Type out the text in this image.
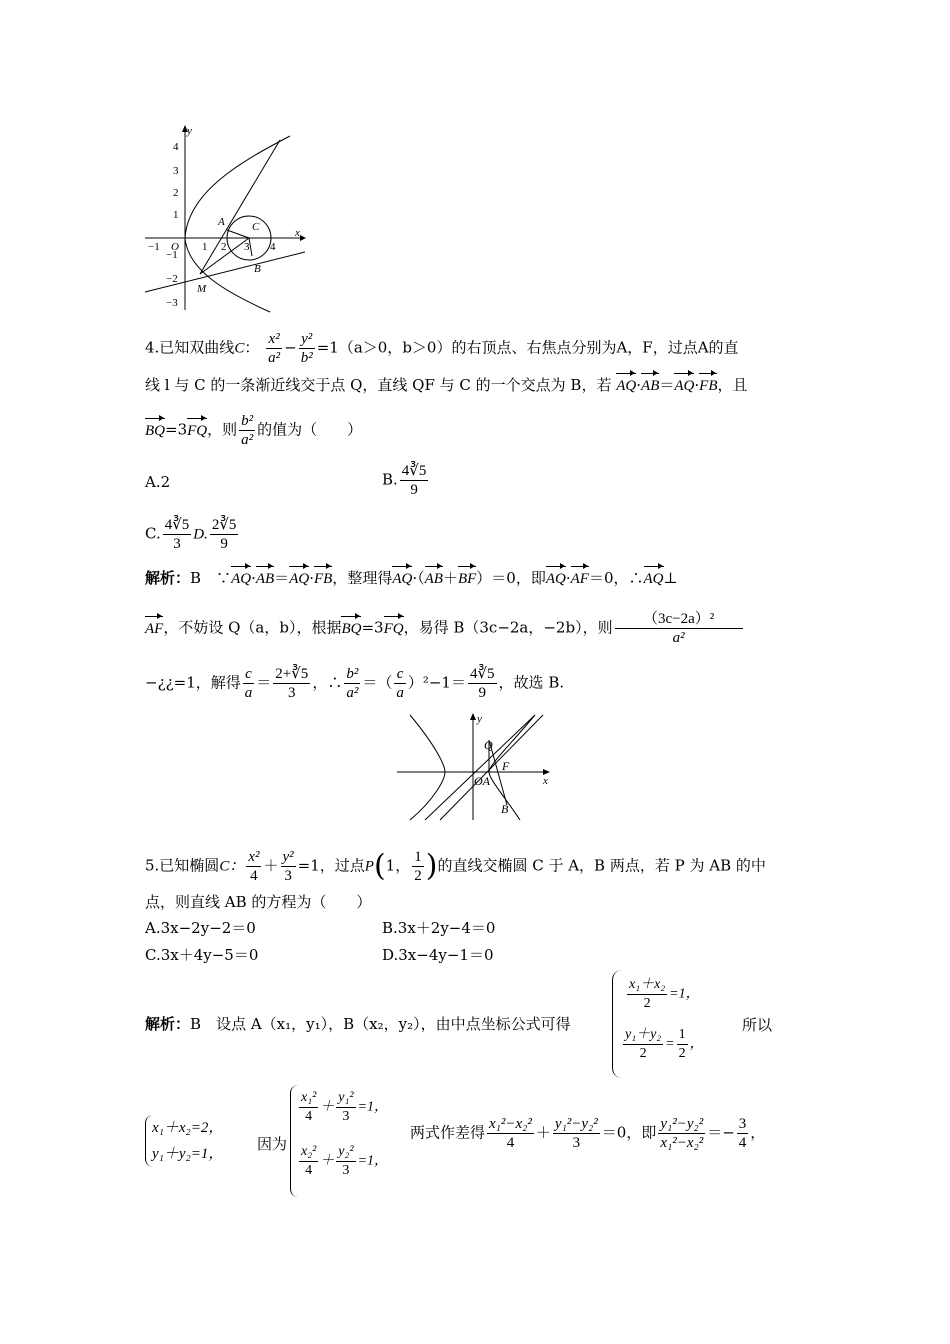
y
x
4
3
2
1
−1
−2
−3
−1 O 1 2 3 4
A C
B
M
4.已知双曲线C： $\frac{\text{x²}}{\text{a²}} - \frac{\text{y²}}{\text{b²}} =1(a>0$，b＞0）的右顶点、右焦点分别为A，F，过点A的直
线 l 与 C 的一条渐近线交于点 Q，直线 QF 与 C 的一个交点为 B，若 AQ·AB＝AQ·FB，且
BQ=3FQ，则 $\frac{\text{b²}}{\text{a²}}$ 的值为（　　）
A.2	B. $\frac{4∛5}{9}$
C. $\frac{4∛5}{3} D$. $\frac{2∛5}{9}$
解析：B　∵AQ·AB＝AQ·FB，整理得AQ·（AB＋BF）＝0，即AQ·AF＝0，∴AQ⊥
AF，不妨设 Q（a，b），根据BQ=3FQ，易得 B（3c−2a，−2b），则 $\frac{\text{（3c−2a）²}}{\text{a²}}$
−¿¿=1，解得 $\frac{c}{a} = \frac{2+∛5}{3}$ ，∴ $\frac{\text{b²}}{\text{a²}}$ ＝（ $\frac{c}{a} )^2-1= \frac{4∛5}{9}$ ，故选 B.
y
x
Q
F
OA
B
5.已知椭圆C： $\frac{\text{x²}}{4} + \frac{\text{y²}}{3} =1$，过点P(1， $\frac{1}{2}$ )的直线交椭圆 C 于 A，B 两点，若 P 为 AB 的中
点，则直线 AB 的方程为（　　）
A.3x−2y−2＝0	B.3x＋2y−4＝0
C.3x＋4y−5＝0	D.3x−4y−1＝0
解析：B　 设点 A（x₁，y₁），B（x₂，y₂），由中点坐标公式可得
$\frac{\text{x₁＋x₂}}{2} =1$，
$\frac{\text{y₁＋y₂}}{2} = \frac{1}{2}$ ，
所以
x₁＋x₂=2，
y₁＋y₂=1，
因为
$\frac{\text{x₁²}}{4} + \frac{\text{y₁²}}{3} =1$，
$\frac{\text{x₂²}}{4} + \frac{\text{y₂²}}{3} =1$，
两式作差得 $\frac{\text{x₁²−x₂²}}{4} + \frac{\text{y₁²−y₂²}}{3} =0$，即 $\frac{\text{y₁²−y₂²}}{\text{x₁²−x₂²}} =- \frac{3}{4}$ ，
